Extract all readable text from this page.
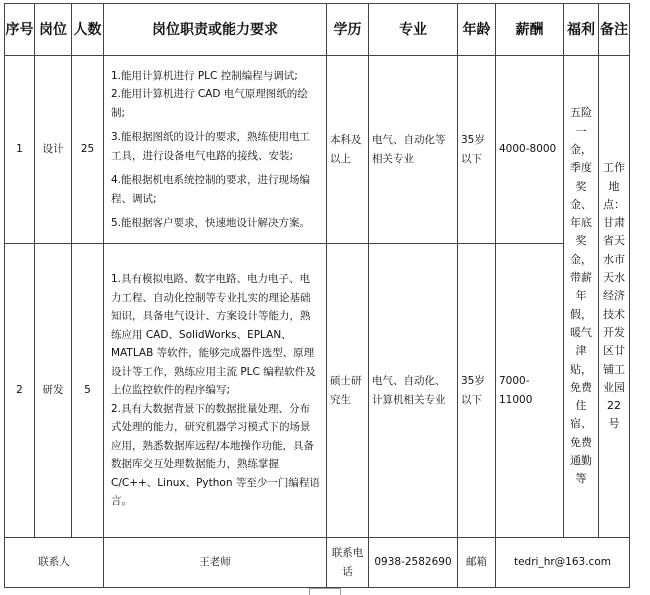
序号	岗位	人数	岗位职责或能力要求	学历	专业	年龄	薪酬	福利	备注

1	设计	25	1.能用计算机进行 PLC 控制编程与调试;

2.能用计算机进行 CAD 电气原理图纸的绘制;

3.能根据图纸的设计的要求，熟练使用电工工具，进行设备电气电路的接线、安装;

4.能根据机电系统控制的要求，进行现场编程、调试;

5.能根据客户要求，快速地设计解决方案。	本科及以上	电气、自动化等相关专业	35岁以下	4000-8000	五险一金，季度奖金、年底奖金，带薪年假，暖气津贴，免费住宿、免费通勤等	工作地点：甘肃省天水市天水经济技术开发区廿铺工业园22号
2	研发	5	1.具有模拟电路、数字电路、电力电子、电力工程、自动化控制等专业扎实的理论基础知识，具备电气设计、方案设计等能力，熟练应用 CAD、SolidWorks、EPLAN、MATLAB 等软件，能够完成器件选型、原理设计等工作，熟练应用主流 PLC 编程软件及上位监控软件的程序编写;

2.具有大数据背景下的数据批量处理、分布式处理的能力，研究机器学习模式下的场景应用，熟悉数据库远程/本地操作功能，具备数据库交互处理数据能力，熟练掌握 C/C++、Linux、Python 等至少一门编程语言。	硕士研究生	电气、自动化、计算机相关专业	35岁以下	7000-11000		
联系人			王老师	联系电话	0938-2582690	邮箱	tedri_hr@163.com		
